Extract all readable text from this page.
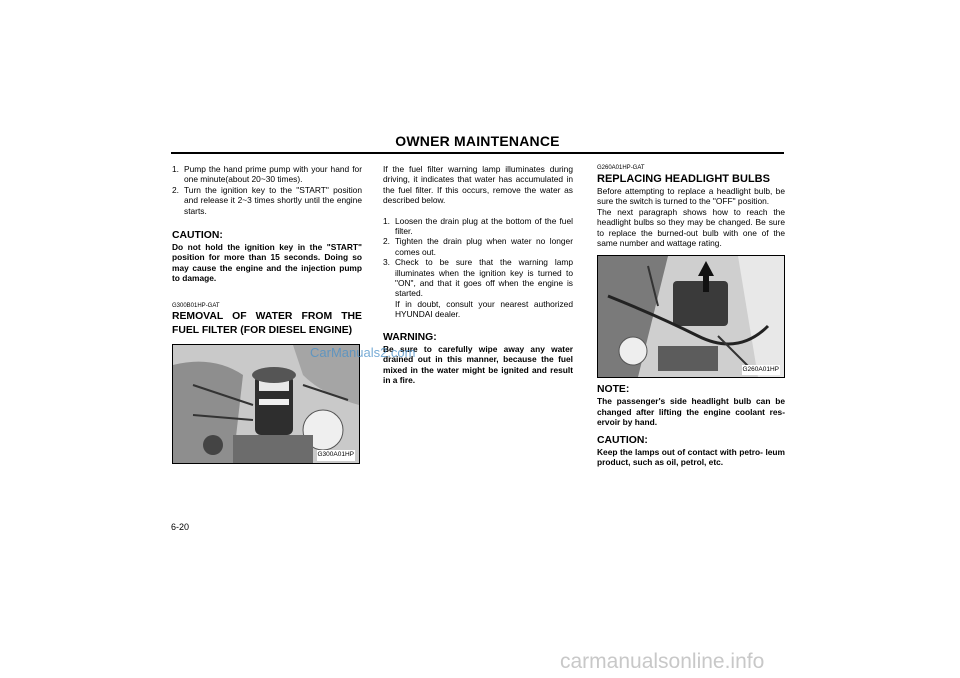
OWNER MAINTENANCE
1. Pump the hand prime pump with your hand for one minute(about 20~30 times).
2. Turn the ignition key to the "START" position and release it 2~3 times shortly until the engine starts.
CAUTION:

Do not hold the ignition key in the "START" position for more than 15 seconds. Doing so may cause the engine and the injection pump to damage.

G300B01HP-GAT
REMOVAL OF WATER FROM THE FUEL FILTER (FOR DIESEL ENGINE)
G300A01HP

If the fuel filter warning lamp illuminates during driving, it indicates that water has accumulated in the fuel filter. If this occurs, remove the water as described below.

1. Loosen the drain plug at the bottom of the fuel filter.
2. Tighten the drain plug when water no longer comes out.
3. Check to be sure that the warning lamp illuminates when the ignition key is turned to "ON", and that it goes off when the engine is started.
If in doubt, consult your nearest authorized HYUNDAI dealer.
WARNING:

Be sure to carefully wipe away any water drained out in this manner, because the fuel mixed in the water might be ignited and result in a fire.

G260A01HP-GAT
REPLACING HEADLIGHT BULBS

Before attempting to replace a headlight bulb, be sure the switch is turned to the "OFF" position.

The next paragraph shows how to reach the headlight bulbs so they may be changed. Be sure to replace the burned-out bulb with one of the same number and wattage rating.

G260A01HP
NOTE:

The passenger's side headlight bulb can be changed after lifting the engine coolant res- ervoir by hand.

CAUTION:

Keep the lamps out of contact with petro- leum product, such as oil, petrol, etc.

CarManuals2.com
6-20
carmanualsonline.info
